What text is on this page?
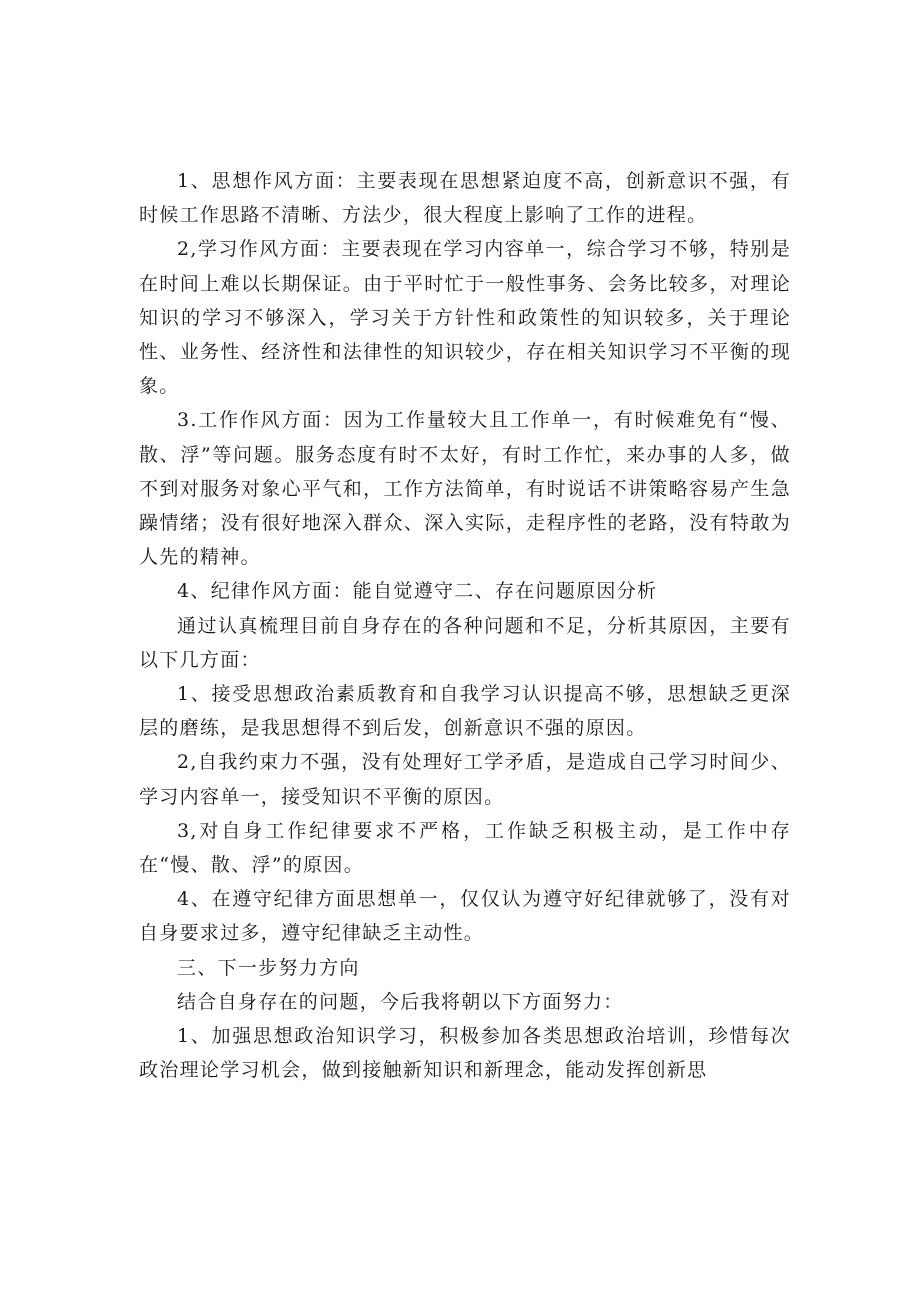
1、思想作风方面：主要表现在思想紧迫度不高，创新意识不强，有时候工作思路不清晰、方法少，很大程度上影响了工作的进程。

2,学习作风方面：主要表现在学习内容单一，综合学习不够，特别是在时间上难以长期保证。由于平时忙于一般性事务、会务比较多，对理论知识的学习不够深入，学习关于方针性和政策性的知识较多，关于理论性、业务性、经济性和法律性的知识较少，存在相关知识学习不平衡的现象。

3.工作作风方面：因为工作量较大且工作单一，有时候难免有“慢、散、浮”等问题。服务态度有时不太好，有时工作忙，来办事的人多，做不到对服务对象心平气和，工作方法简单，有时说话不讲策略容易产生急躁情绪；没有很好地深入群众、深入实际，走程序性的老路，没有特敢为人先的精神。

4、纪律作风方面：能自觉遵守二、存在问题原因分析

通过认真梳理目前自身存在的各种问题和不足，分析其原因，主要有以下几方面：

1、接受思想政治素质教育和自我学习认识提高不够，思想缺乏更深层的磨练，是我思想得不到后发，创新意识不强的原因。

2,自我约束力不强，没有处理好工学矛盾，是造成自己学习时间少、学习内容单一，接受知识不平衡的原因。

3,对自身工作纪律要求不严格，工作缺乏积极主动，是工作中存在“慢、散、浮”的原因。

4、在遵守纪律方面思想单一，仅仅认为遵守好纪律就够了，没有对自身要求过多，遵守纪律缺乏主动性。

三、下一步努力方向

结合自身存在的问题，今后我将朝以下方面努力：

1、加强思想政治知识学习，积极参加各类思想政治培训，珍惜每次政治理论学习机会，做到接触新知识和新理念，能动发挥创新思
